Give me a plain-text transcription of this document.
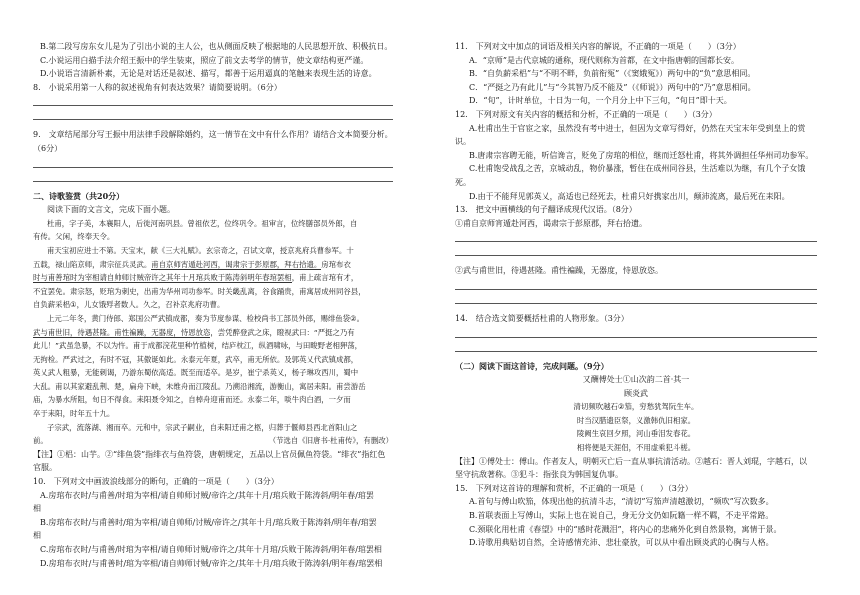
B.第二段写房东女儿是为了引出小说的主人公，也从侧面反映了根据地的人民思想开放、积极抗日。
C.小说运用白描手法介绍王振中的学生装束，照应了前文去考学的情节，使文章结构更严谨。
D.小说语言清新朴素，无论是对话还是叙述、描写，都善于运用逼真的笔触来表现生活的诗意。
8.　小说采用第一人称的叙述视角有何表达效果？请简要说明。（6分）
9.　文章结尾部分写王振中用法律手段解除婚约，这一情节在文中有什么作用？请结合文本简要分析。
（6分）
二、诗歌鉴赏（共20分）
阅读下面的文言文，完成下面小题。
杜甫，字子美，本襄阳人，后徙河南巩县。曾祖依艺，位终巩令。祖审言，位终膳部员外郎，自
有传。父闲，终奉天令。
甫天宝初应进士不第。天宝末，献《三大礼赋》。玄宗奇之，召试文章，授京兆府兵曹参军。十
五载，禄山陷京师，肃宗征兵灵武。甫自京师宵遁赴河西，谒肃宗于彭原郡，拜右拾遗。房琯布衣
时与甫善琯时为宰相请自帅师讨贼帝许之其年十月琯兵败于陈涛斜明年春琯罢相，甫上疏言琯有才，
不宜罢免。肃宗怒，贬琯为刺史，出甫为华州司功参军。时关畿乱离，谷食踊贵，甫寓居成州同谷县，
自负薪采梠①，儿女饿殍者数人。久之，召补京兆府功曹。
上元二年冬，黄门侍郎、郑国公严武镇成都，奏为节度参谋、检校尚书工部员外郎，赐绯鱼袋②。
武与甫世旧，待遇甚隆。甫性褊躁，无器度，恃恩放恣，尝凭醉登武之床，瞪视武曰：“严挺之乃有
此儿！”武虽急暴，不以为忤。甫于成都浣花里种竹植树，结庐枕江，纵酒啸咏，与田畯野老相狎荡，
无拘检。严武过之，有时不冠，其傲诞如此。永泰元年夏，武卒，甫无所依。及郭英乂代武镇成都，
英乂武人粗暴，无能刺谒，乃游东蜀依高适。既至而适卒。是岁，崔宁杀英乂，杨子琳攻西川，蜀中
大乱。甫以其家避乱荆、楚，扁舟下峡，未维舟而江陵乱。乃溯沿湘流，游衡山，寓居耒阳。甫尝游岳
庙，为暴水所阻，旬日不得食。耒阳聂令知之，自棹舟迎甫而还。永泰二年，啖牛肉白酒，一夕而
卒于耒阳，时年五十九。
子宗武，流落湖、湘而卒。元和中，宗武子嗣业，自耒阳迁甫之柩，归葬于偃师县西北首阳山之
前。	（节选自《旧唐书·杜甫传》，有删改）
【注】①梠：山芋。②“绯鱼袋”指绯衣与鱼符袋，唐朝规定，五品以上官员佩鱼符袋。“绯衣”指红色
官服。
10.　下列对文中画波浪线部分的断句，正确的一项是（　　）（3分）
A.房琯布衣时/与甫善/时琯为宰相/请自帅师讨贼/帝许之/其年十月/琯兵败于陈涛斜/明年春/琯罢
相
B.房琯布衣时/与甫善时/琯为宰相/请自帅师/讨贼/帝许之/其年十月/琯兵败于陈涛斜/明年春/琯罢
相
C.房琯布衣时/与甫善/时琯为宰相/请自帅师讨贼/帝许之/其年十月琯/兵败于陈涛斜/明年春/琯罢相
D.房琯布衣时/与甫善时/琯为宰相/请自帅师讨贼/帝许之/其年十月/琯兵败于陈涛斜/明年春/琯罢相
11.　下列对文中加点的词语及相关内容的解说，不正确的一项是（　　）（3分）
A．“京师”是古代京城的通称，现代则称为首都，在文中指唐朝的国都长安。
B．“自负薪采梠”与“不明不畔，负前衔冤”（《窦娥冤》）两句中的“负”意思相同。
C．“严挺之乃有此儿”与“今其智乃反不能及”（《师说》）两句中的“乃”意思相同。
D．“旬”，计时单位，十日为一旬，一个月分上中下三旬，“旬日”即十天。
12.　下列对原文有关内容的概括和分析，不正确的一项是（　　）（3分）
A.杜甫出生于官宦之家，虽然没有考中进士，但因为文章写得好，仍然在天宝末年受到皇上的赏
识。
B.唐肃宗容聘无能，听信谗言，贬免了房琯的相位，继而迁怒杜甫，将其外调担任华州司功参军。
C.杜甫饱受战乱之苦，京城动乱，物价暴涨，暂住在成州同谷县，生活难以为继，有几个子女饿
死。
D.由于不能拜见郭英乂，高适也已经死去，杜甫只好携家出川，颠沛流离，最后死在耒阳。
13.　把文中画横线的句子翻译成现代汉语。（8分）
①甫自京师宵遁赴河西，谒肃宗于彭原郡，拜右拾遗。
②武与甫世旧，待遇甚隆。甫性褊躁，无器度，恃恩放恣。
14.　结合选文简要概括杜甫的人物形象。（3分）
（二）阅读下面这首诗，完成问题。（9分）
又酬傅处士①山次韵二首·其一
顾炎武
清切频吹越石②笳，穷愁犹驾阮生车。
时当汉腊遗臣祭，义激韩仇旧相家。
陵阙生哀回夕照，河山垂泪发春花。
相将便是天涯侣，不用虚乘犯斗槎。
【注】①傅处士：傅山。作者友人，明朝灭亡后一直从事抗清活动。②越石：晋人刘琨，字越石，以
坚守抗敌著称。③犯斗：指张良为韩国复仇事。
15.　下列对这首诗的理解和赏析，不正确的一项是（　　）（3分）
A.首句与傅山吹笳，体现出他的抗清斗志，“清切”写笳声清越激切，“频吹”写次数多。
B.首联表面上写傅山，实际上也在说自己，身无分文仍如阮籍一样不羁，不走平常路。
C.颈联化用杜甫《春望》中的“感时花溅泪”，将内心的悲痛外化到自然景物，寓情于景。
D.诗歌用典贴切自然，全诗感情充沛、悲壮豪放，可以从中看出顾炎武的心胸与人格。
